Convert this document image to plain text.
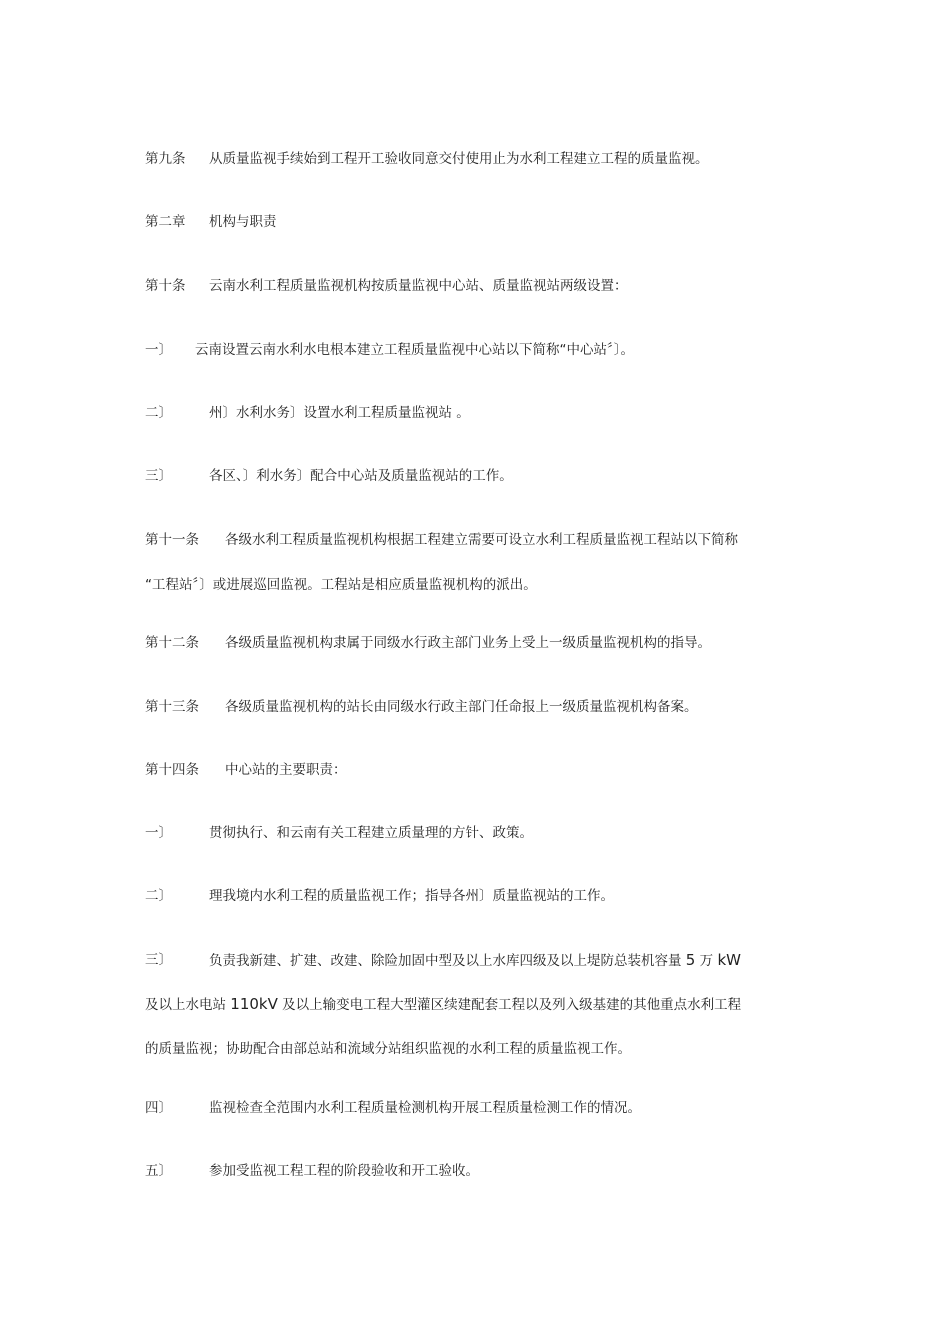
第九条 从质量监视手续始到工程开工验收同意交付使用止为水利工程建立工程的质量监视。
第二章 机构与职责
第十条 云南水利工程质量监视机构按质量监视中心站、质量监视站两级设置：
一〕 云南设置云南水利水电根本建立工程质量监视中心站以下简称“中心站〞〕。
二〕	州〕水利水务〕设置水利工程质量监视站 。
三〕	各区、〕利水务〕配合中心站及质量监视站的工作。
第十一条 各级水利工程质量监视机构根据工程建立需要可设立水利工程质量监视工程站以下简称
“工程站〞〕或进展巡回监视。工程站是相应质量监视机构的派出。
第十二条 各级质量监视机构隶属于同级水行政主部门业务上受上一级质量监视机构的指导。
第十三条 各级质量监视机构的站长由同级水行政主部门任命报上一级质量监视机构备案。
第十四条 中心站的主要职责：
一〕	贯彻执行、和云南有关工程建立质量理的方针、政策。
二〕	理我境内水利工程的质量监视工作；指导各州〕质量监视站的工作。
三〕	负责我新建、扩建、改建、除险加固中型及以上水库四级及以上堤防总装机容量 5 万 kW
及以上水电站 110kV 及以上输变电工程大型灌区续建配套工程以及列入级基建的其他重点水利工程
的质量监视；协助配合由部总站和流域分站组织监视的水利工程的质量监视工作。
四〕	监视检查全范围内水利工程质量检测机构开展工程质量检测工作的情况。
五〕	参加受监视工程工程的阶段验收和开工验收。
